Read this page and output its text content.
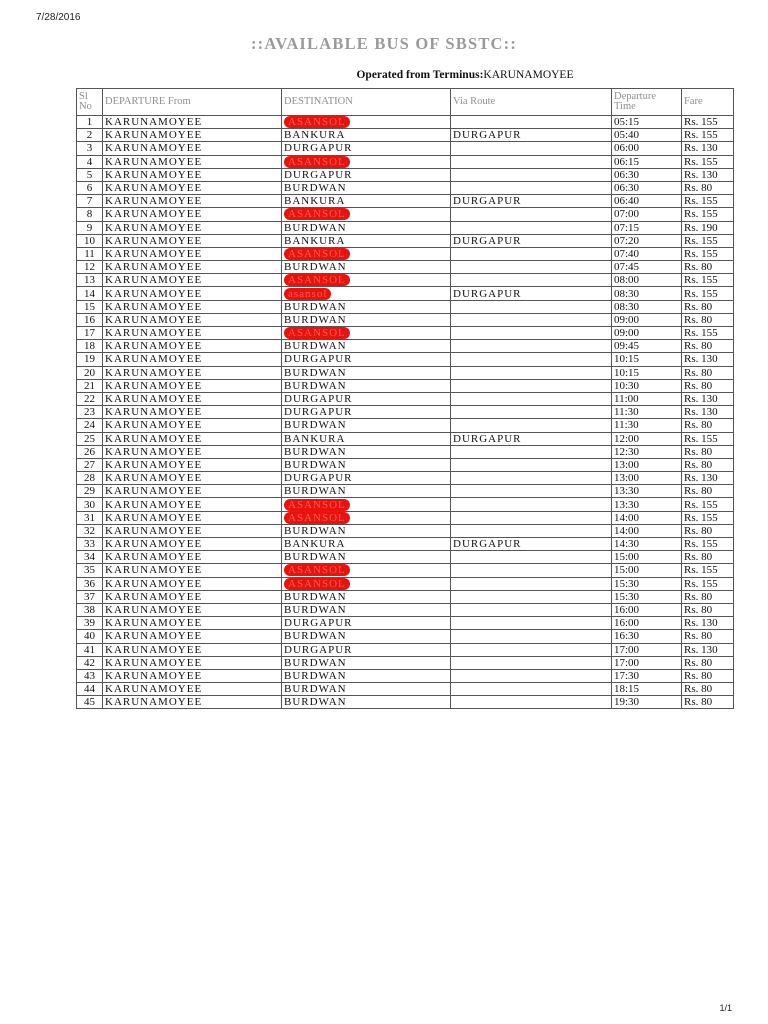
7/28/2016
::AVAILABLE BUS OF SBSTC::
Operated from Terminus:KARUNAMOYEE
Sl No	DEPARTURE From	DESTINATION	Via Route	Departure Time	Fare
1	KARUNAMOYEE	ASANSOL		05:15	Rs. 155
2	KARUNAMOYEE	BANKURA	DURGAPUR	05:40	Rs. 155
3	KARUNAMOYEE	DURGAPUR		06:00	Rs. 130
4	KARUNAMOYEE	ASANSOL		06:15	Rs. 155
5	KARUNAMOYEE	DURGAPUR		06:30	Rs. 130
6	KARUNAMOYEE	BURDWAN		06:30	Rs. 80
7	KARUNAMOYEE	BANKURA	DURGAPUR	06:40	Rs. 155
8	KARUNAMOYEE	ASANSOL		07:00	Rs. 155
9	KARUNAMOYEE	BURDWAN		07:15	Rs. 190
10	KARUNAMOYEE	BANKURA	DURGAPUR	07:20	Rs. 155
11	KARUNAMOYEE	ASANSOL		07:40	Rs. 155
12	KARUNAMOYEE	BURDWAN		07:45	Rs. 80
13	KARUNAMOYEE	ASANSOL		08:00	Rs. 155
14	KARUNAMOYEE	asansol	DURGAPUR	08:30	Rs. 155
15	KARUNAMOYEE	BURDWAN		08:30	Rs. 80
16	KARUNAMOYEE	BURDWAN		09:00	Rs. 80
17	KARUNAMOYEE	ASANSOL		09:00	Rs. 155
18	KARUNAMOYEE	BURDWAN		09:45	Rs. 80
19	KARUNAMOYEE	DURGAPUR		10:15	Rs. 130
20	KARUNAMOYEE	BURDWAN		10:15	Rs. 80
21	KARUNAMOYEE	BURDWAN		10:30	Rs. 80
22	KARUNAMOYEE	DURGAPUR		11:00	Rs. 130
23	KARUNAMOYEE	DURGAPUR		11:30	Rs. 130
24	KARUNAMOYEE	BURDWAN		11:30	Rs. 80
25	KARUNAMOYEE	BANKURA	DURGAPUR	12:00	Rs. 155
26	KARUNAMOYEE	BURDWAN		12:30	Rs. 80
27	KARUNAMOYEE	BURDWAN		13:00	Rs. 80
28	KARUNAMOYEE	DURGAPUR		13:00	Rs. 130
29	KARUNAMOYEE	BURDWAN		13:30	Rs. 80
30	KARUNAMOYEE	ASANSOL		13:30	Rs. 155
31	KARUNAMOYEE	ASANSOL		14:00	Rs. 155
32	KARUNAMOYEE	BURDWAN		14:00	Rs. 80
33	KARUNAMOYEE	BANKURA	DURGAPUR	14:30	Rs. 155
34	KARUNAMOYEE	BURDWAN		15:00	Rs. 80
35	KARUNAMOYEE	ASANSOL		15:00	Rs. 155
36	KARUNAMOYEE	ASANSOL		15:30	Rs. 155
37	KARUNAMOYEE	BURDWAN		15:30	Rs. 80
38	KARUNAMOYEE	BURDWAN		16:00	Rs. 80
39	KARUNAMOYEE	DURGAPUR		16:00	Rs. 130
40	KARUNAMOYEE	BURDWAN		16:30	Rs. 80
41	KARUNAMOYEE	DURGAPUR		17:00	Rs. 130
42	KARUNAMOYEE	BURDWAN		17:00	Rs. 80
43	KARUNAMOYEE	BURDWAN		17:30	Rs. 80
44	KARUNAMOYEE	BURDWAN		18:15	Rs. 80
45	KARUNAMOYEE	BURDWAN		19:30	Rs. 80
1/1
